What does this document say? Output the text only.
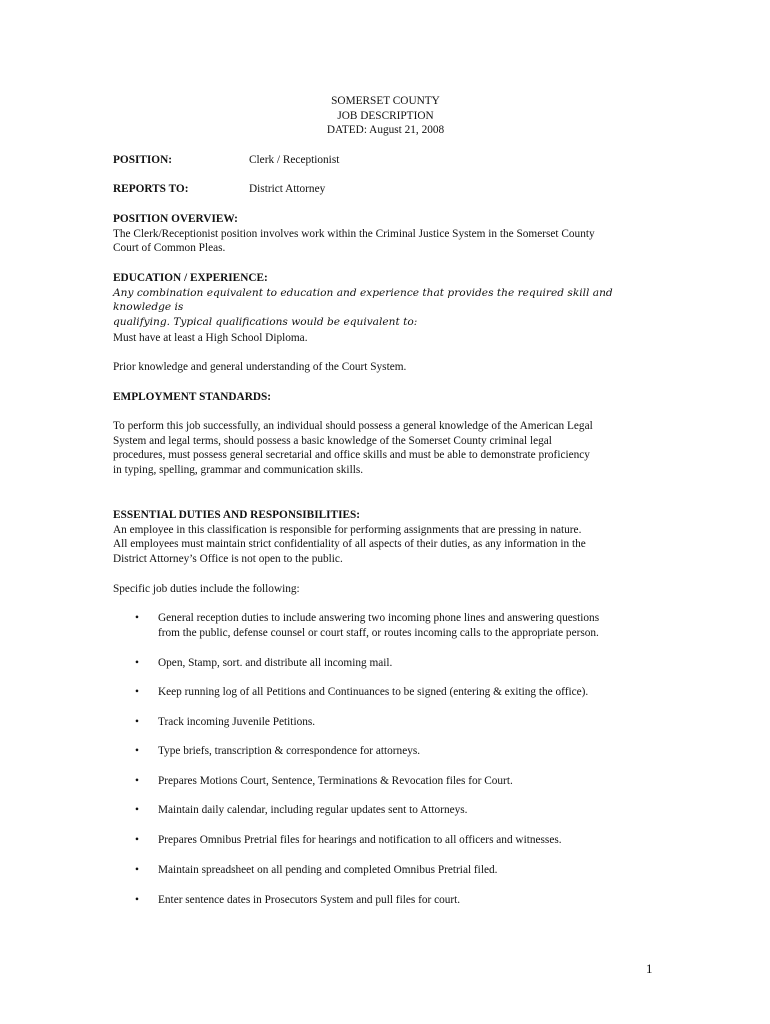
SOMERSET COUNTY
JOB DESCRIPTION
DATED: August 21, 2008
POSITION:	Clerk / Receptionist
REPORTS TO:	District Attorney
POSITION OVERVIEW:
The Clerk/Receptionist position involves work within the Criminal Justice System in the Somerset County
Court of Common Pleas.
EDUCATION / EXPERIENCE:
Any combination equivalent to education and experience that provides the required skill and knowledge is
qualifying. Typical qualifications would be equivalent to:
Must have at least a High School Diploma.
Prior knowledge and general understanding of the Court System.
EMPLOYMENT STANDARDS:
To perform this job successfully, an individual should possess a general knowledge of the American Legal
System and legal terms, should possess a basic knowledge of the Somerset County criminal legal
procedures, must possess general secretarial and office skills and must be able to demonstrate proficiency
in typing, spelling, grammar and communication skills.
ESSENTIAL DUTIES AND RESPONSIBILITIES:
An employee in this classification is responsible for performing assignments that are pressing in nature.
All employees must maintain strict confidentiality of all aspects of their duties, as any information in the
District Attorney’s Office is not open to the public.
Specific job duties include the following:
• General reception duties to include answering two incoming phone lines and answering questions
from the public, defense counsel or court staff, or routes incoming calls to the appropriate person.
• Open, Stamp, sort. and distribute all incoming mail.
• Keep running log of all Petitions and Continuances to be signed (entering & exiting the office).
• Track incoming Juvenile Petitions.
• Type briefs, transcription & correspondence for attorneys.
• Prepares Motions Court, Sentence, Terminations & Revocation files for Court.
• Maintain daily calendar, including regular updates sent to Attorneys.
• Prepares Omnibus Pretrial files for hearings and notification to all officers and witnesses.
• Maintain spreadsheet on all pending and completed Omnibus Pretrial filed.
• Enter sentence dates in Prosecutors System and pull files for court.
1
